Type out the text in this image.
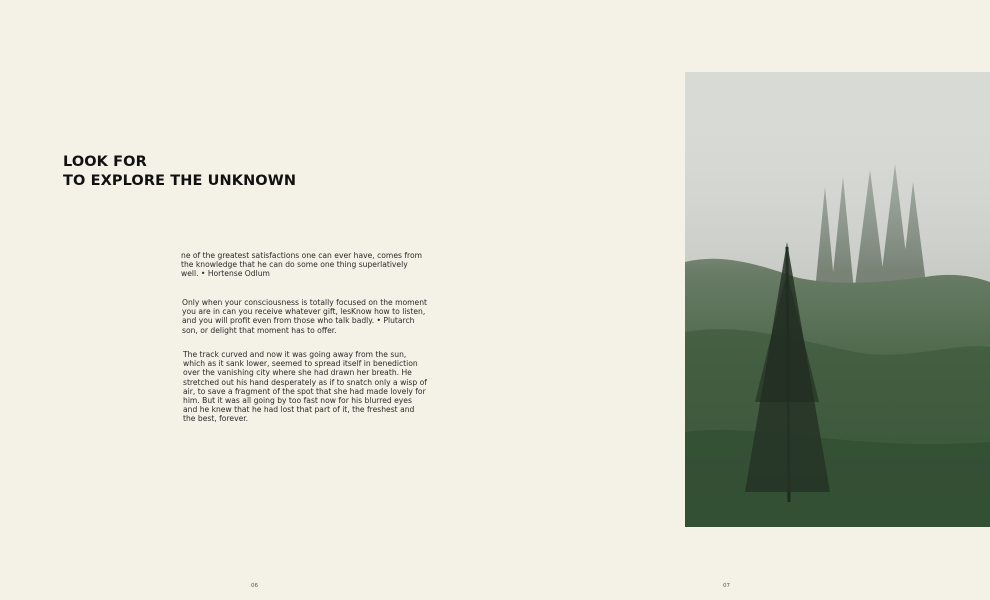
LOOK FOR
TO EXPLORE THE UNKNOWN
ne of the greatest satisfactions one can ever have, comes from the knowledge that he can do some one thing superlatively well. • Hortense Odlum
Only when your consciousness is totally focused on the moment you are in can you receive whatever gift, lesKnow how to listen, and you will profit even from those who talk badly. • Plutarch son, or delight that moment has to offer.
The track curved and now it was going away from the sun, which as it sank lower, seemed to spread itself in benediction over the vanishing city where she had drawn her breath. He stretched out his hand desperately as if to snatch only a wisp of air, to save a fragment of the spot that she had made lovely for him. But it was all going by too fast now for his blurred eyes and he knew that he had lost that part of it, the freshest and the best, forever.
06	07
